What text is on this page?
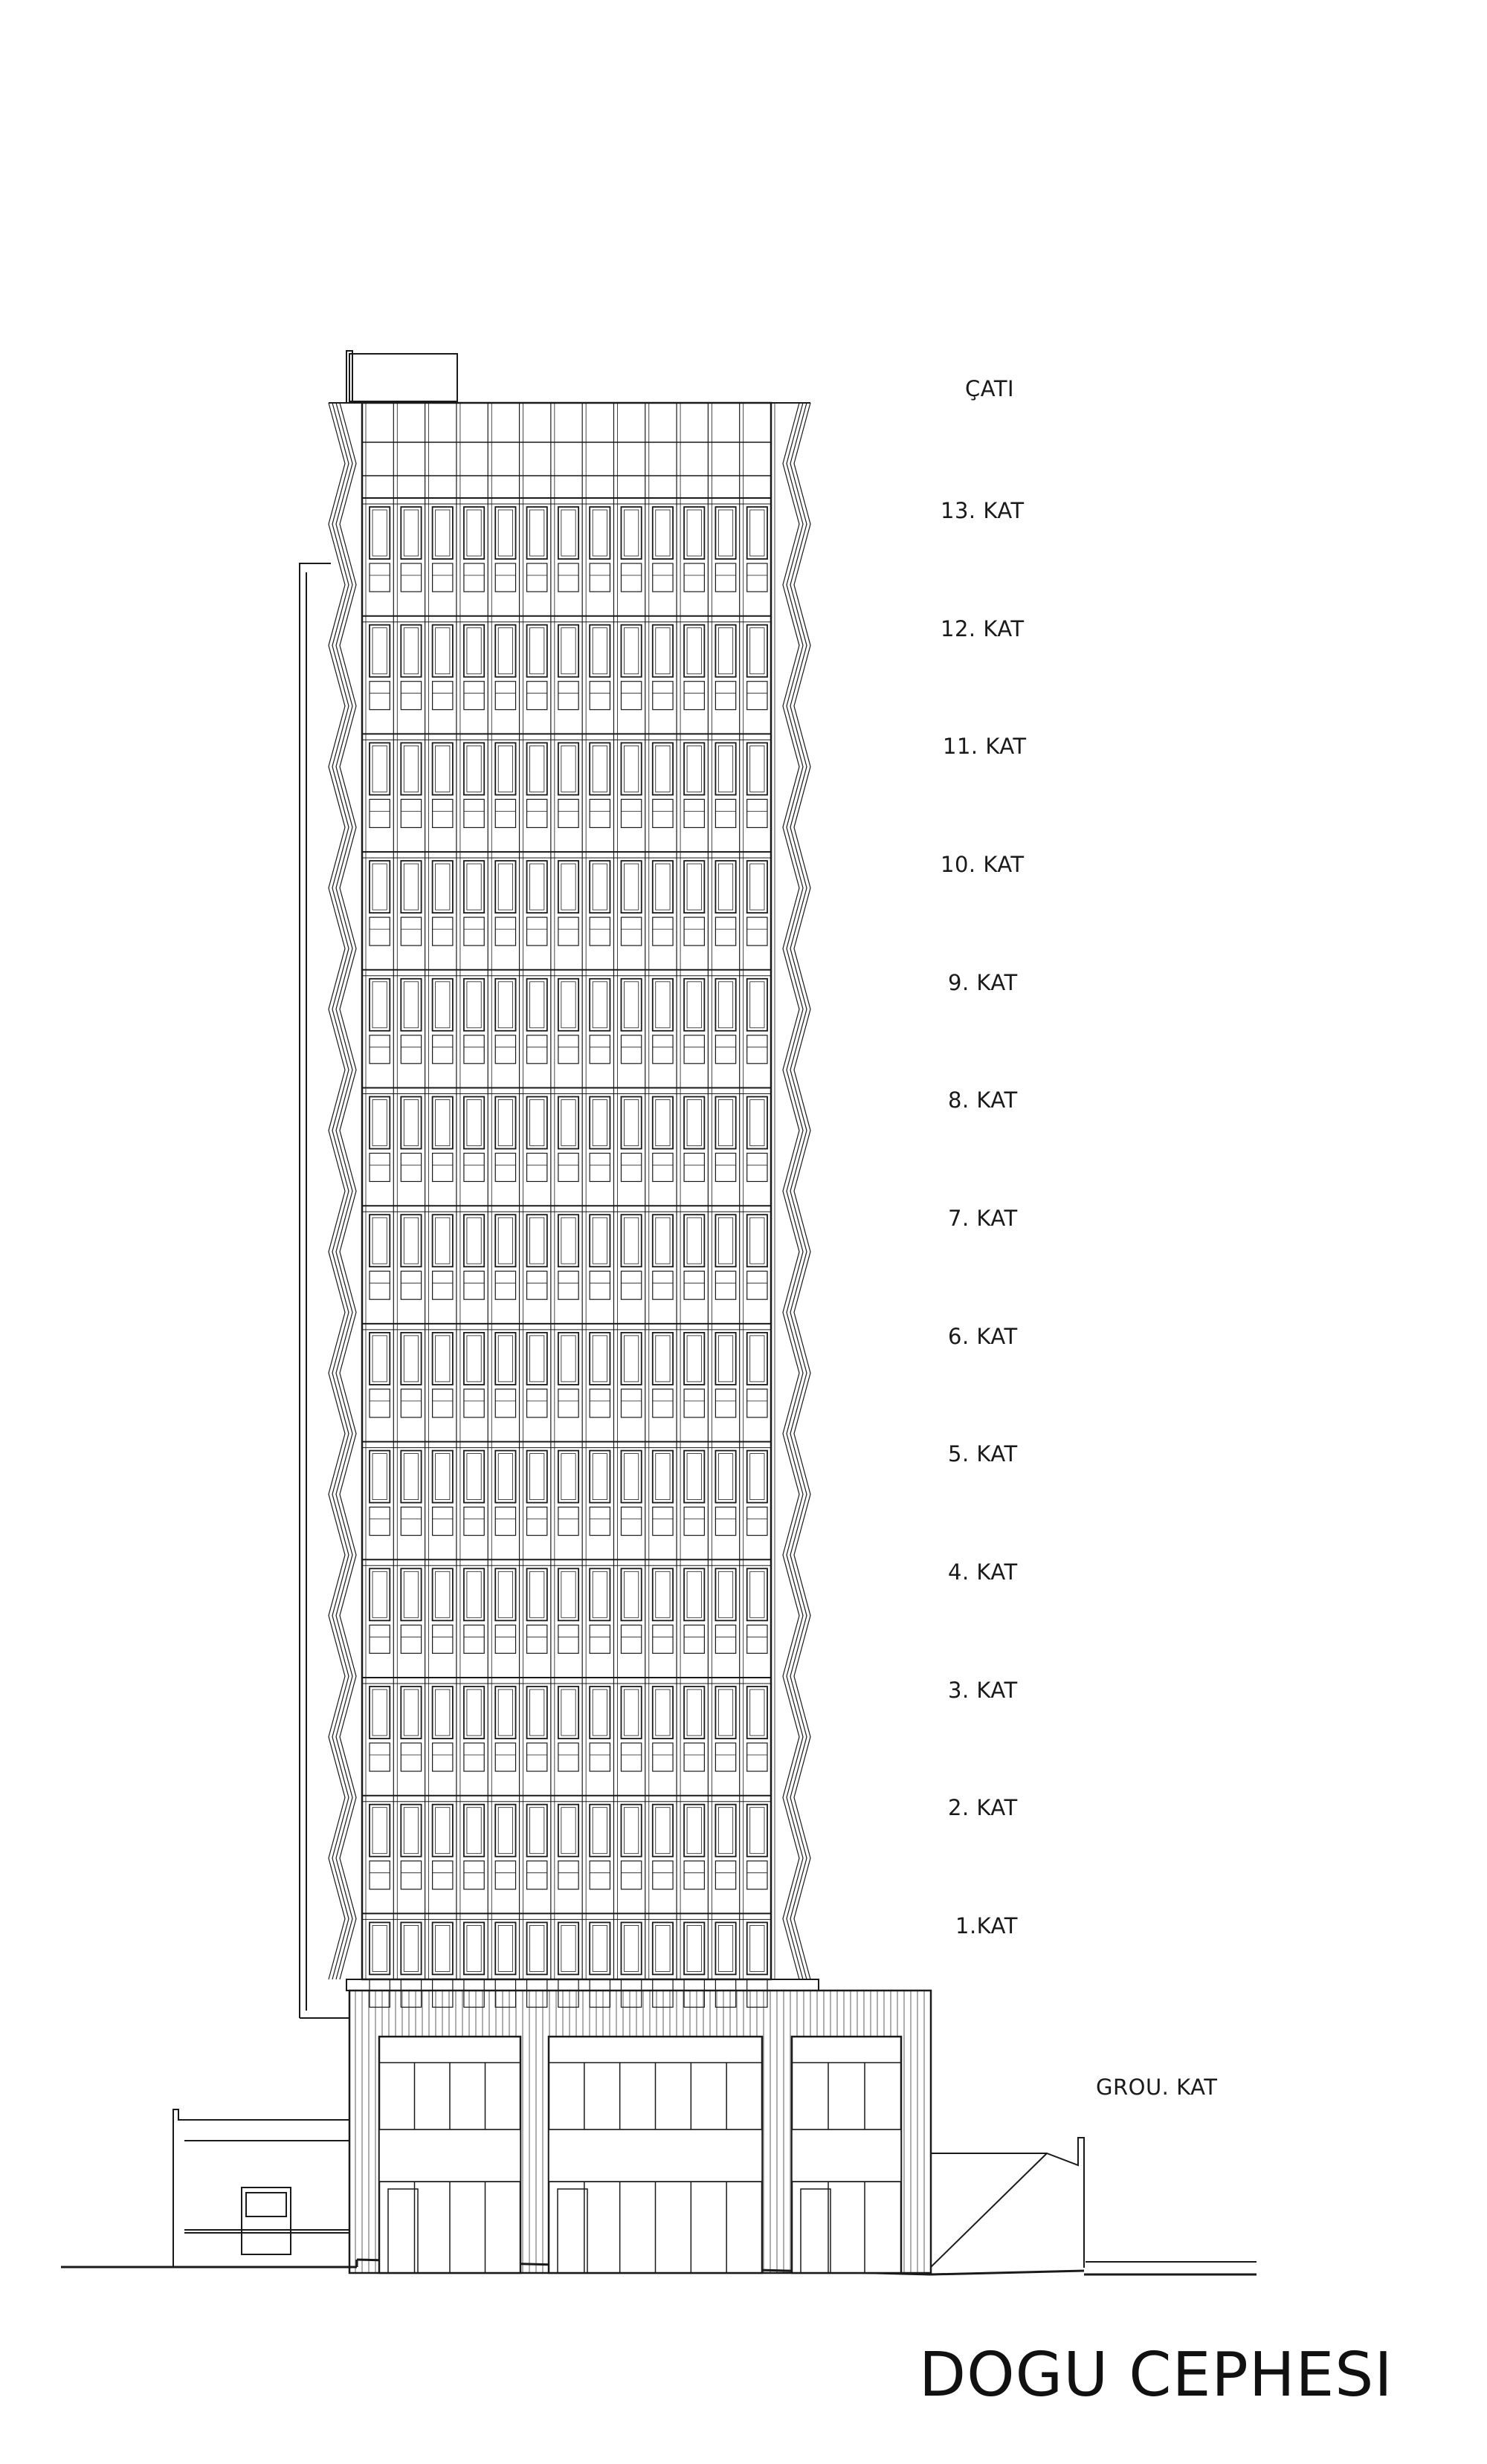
ÇATI
13. KAT
12. KAT
11. KAT
10. KAT
9. KAT
8. KAT
7. KAT
6. KAT
5. KAT
4. KAT
3. KAT
2. KAT
1.KAT
GROU. KAT
DOGU CEPHESI
